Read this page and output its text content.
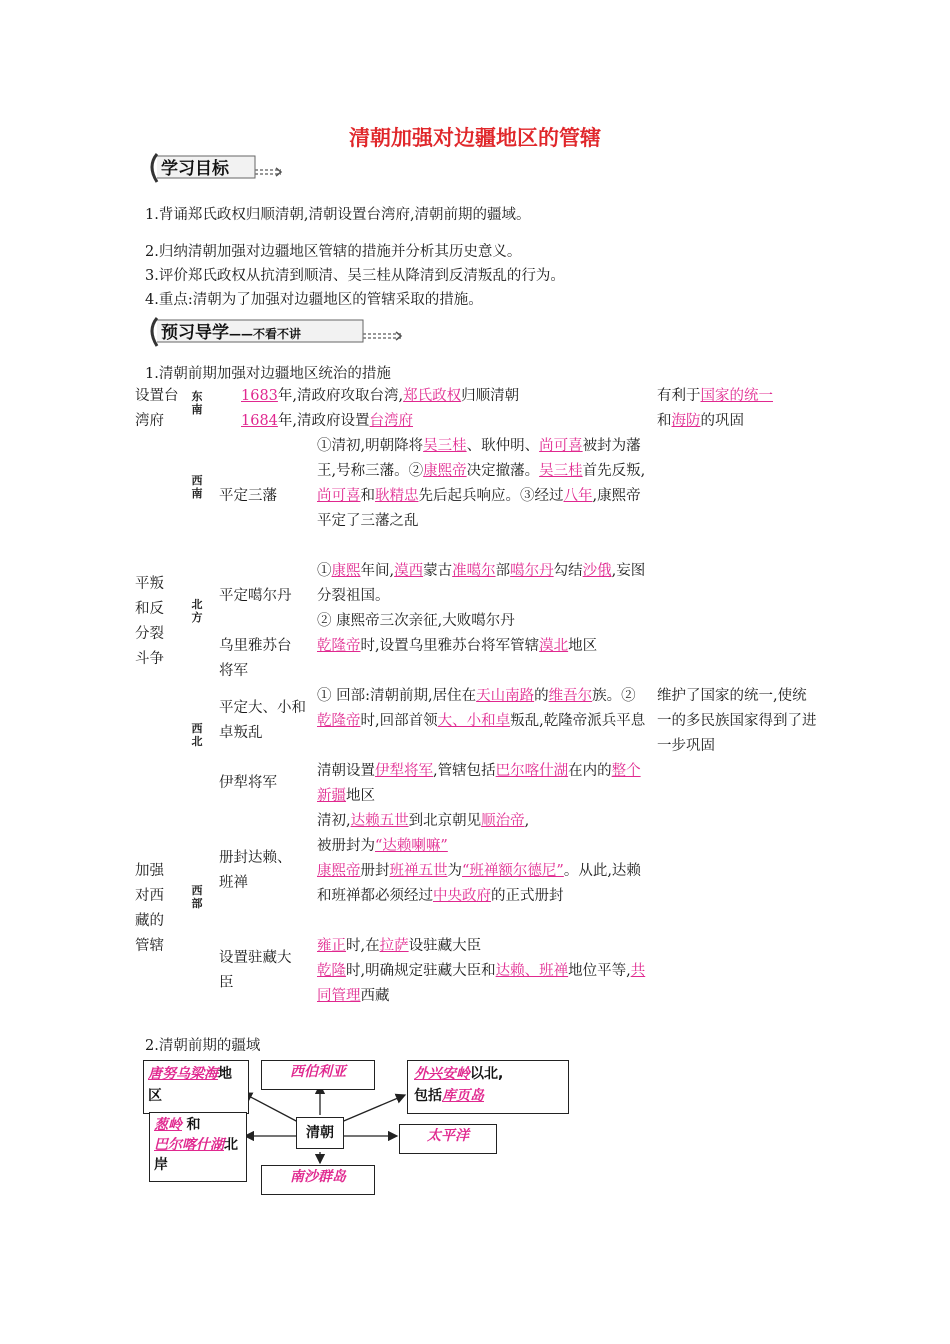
清朝加强对边疆地区的管辖
学习目标
1.背诵郑氏政权归顺清朝,清朝设置台湾府,清朝前期的疆域。
2.归纳清朝加强对边疆地区管辖的措施并分析其历史意义。
3.评价郑氏政权从抗清到顺清、吴三桂从降清到反清叛乱的行为。
4.重点:清朝为了加强对边疆地区的管辖采取的措施。
预习导学——不看不讲
1.清朝前期加强对边疆地区统治的措施
设置台湾府
东南
1683年,清政府攻取台湾,郑氏政权归顺清朝
1684年,清政府设置台湾府
有利于国家的统一
和海防的巩固
西南 平定三藩
①清初,明朝降将吴三桂、耿仲明、尚可喜被封为藩王,号称三藩。②康熙帝决定撤藩。吴三桂首先反叛,尚可喜和耿精忠先后起兵响应。③经过八年,康熙帝平定了三藩之乱
平叛和反分裂斗争
北方
平定噶尔丹
①康熙年间,漠西蒙古准噶尔部噶尔丹勾结沙俄,妄图分裂祖国。
② 康熙帝三次亲征,大败噶尔丹
乌里雅苏台将军
乾隆帝时,设置乌里雅苏台将军管辖漠北地区
西北
平定大、小和卓叛乱
① 回部:清朝前期,居住在天山南路的维吾尔族。②乾隆帝时,回部首领大、小和卓叛乱,乾隆帝派兵平息
维护了国家的统一,使统一的多民族国家得到了进一步巩固
伊犁将军
清朝设置伊犁将军,管辖包括巴尔喀什湖在内的整个新疆地区
加强对西藏的管辖
西部
册封达赖、班禅
清初,达赖五世到北京朝见顺治帝,
被册封为“达赖喇嘛”
康熙帝册封班禅五世为“班禅额尔德尼”。从此,达赖和班禅都必须经过中央政府的正式册封
设置驻藏大臣
雍正时,在拉萨设驻藏大臣
乾隆时,明确规定驻藏大臣和达赖、班禅地位平等,共同管理西藏
2.清朝前期的疆域
唐努乌梁海地区
西伯利亚	外兴安岭以北,
包括库页岛
葱岭 和
巴尔喀什湖北岸
清朝	太平洋
南沙群岛
